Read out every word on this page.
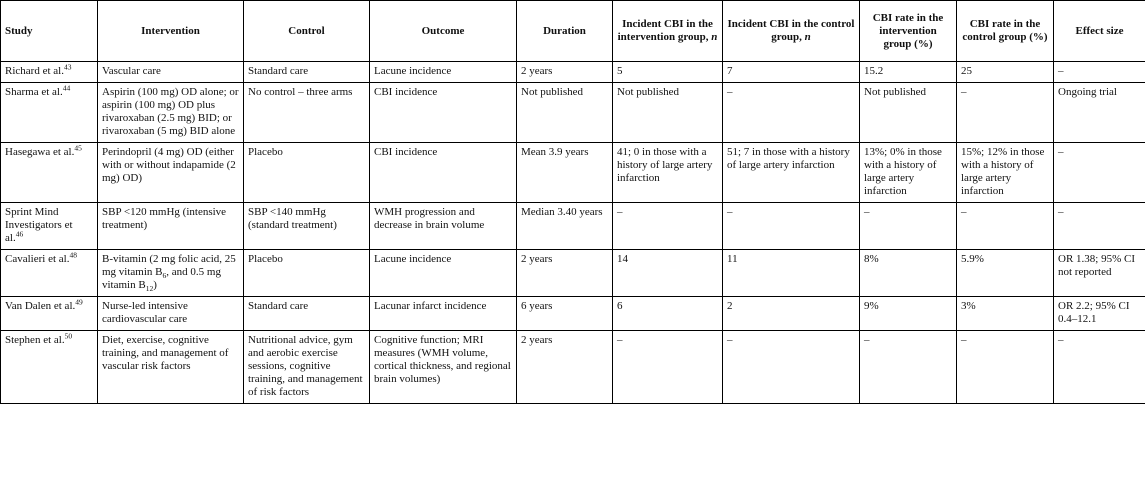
Study	Intervention	Control	Outcome	Duration	Incident CBI in the intervention group, n	Incident CBI in the control group, n	CBI rate in the intervention group (%)	CBI rate in the control group (%)	Effect size
Richard et al.$^{43}$	Vascular care	Standard care	Lacune incidence	2 years	5	7	15.2	25	–
Sharma et al.$^{44}$	Aspirin (100 mg) OD alone; or aspirin (100 mg) OD plus rivaroxaban (2.5 mg) BID; or rivaroxaban (5 mg) BID alone	No control – three arms	CBI incidence	Not published	Not published	–	Not published	–	Ongoing trial
Hasegawa et al.$^{45}$	Perindopril (4 mg) OD (either with or without indapamide (2 mg) OD)	Placebo	CBI incidence	Mean 3.9 years	41; 0 in those with a history of large artery infarction	51; 7 in those with a history of large artery infarction	13%; 0% in those with a history of large artery infarction	15%; 12% in those with a history of large artery infarction	–
Sprint Mind Investigators et al.$^{46}$	SBP <120 mmHg (intensive treatment)	SBP <140 mmHg (standard treatment)	WMH progression and decrease in brain volume	Median 3.40 years	–	–	–	–	–
Cavalieri et al.$^{48}$	B-vitamin (2 mg folic acid, 25 mg vitamin $B_6$, and 0.5 mg vitamin $B_{12}$)	Placebo	Lacune incidence	2 years	14	11	8%	5.9%	OR 1.38; 95% CI not reported
Van Dalen et al.$^{49}$	Nurse-led intensive cardiovascular care	Standard care	Lacunar infarct incidence	6 years	6	2	9%	3%	OR 2.2; 95% CI 0.4–12.1
Stephen et al.$^{50}$	Diet, exercise, cognitive training, and management of vascular risk factors	Nutritional advice, gym and aerobic exercise sessions, cognitive training, and management of risk factors	Cognitive function; MRI measures (WMH volume, cortical thickness, and regional brain volumes)	2 years	–	–	–	–	–
